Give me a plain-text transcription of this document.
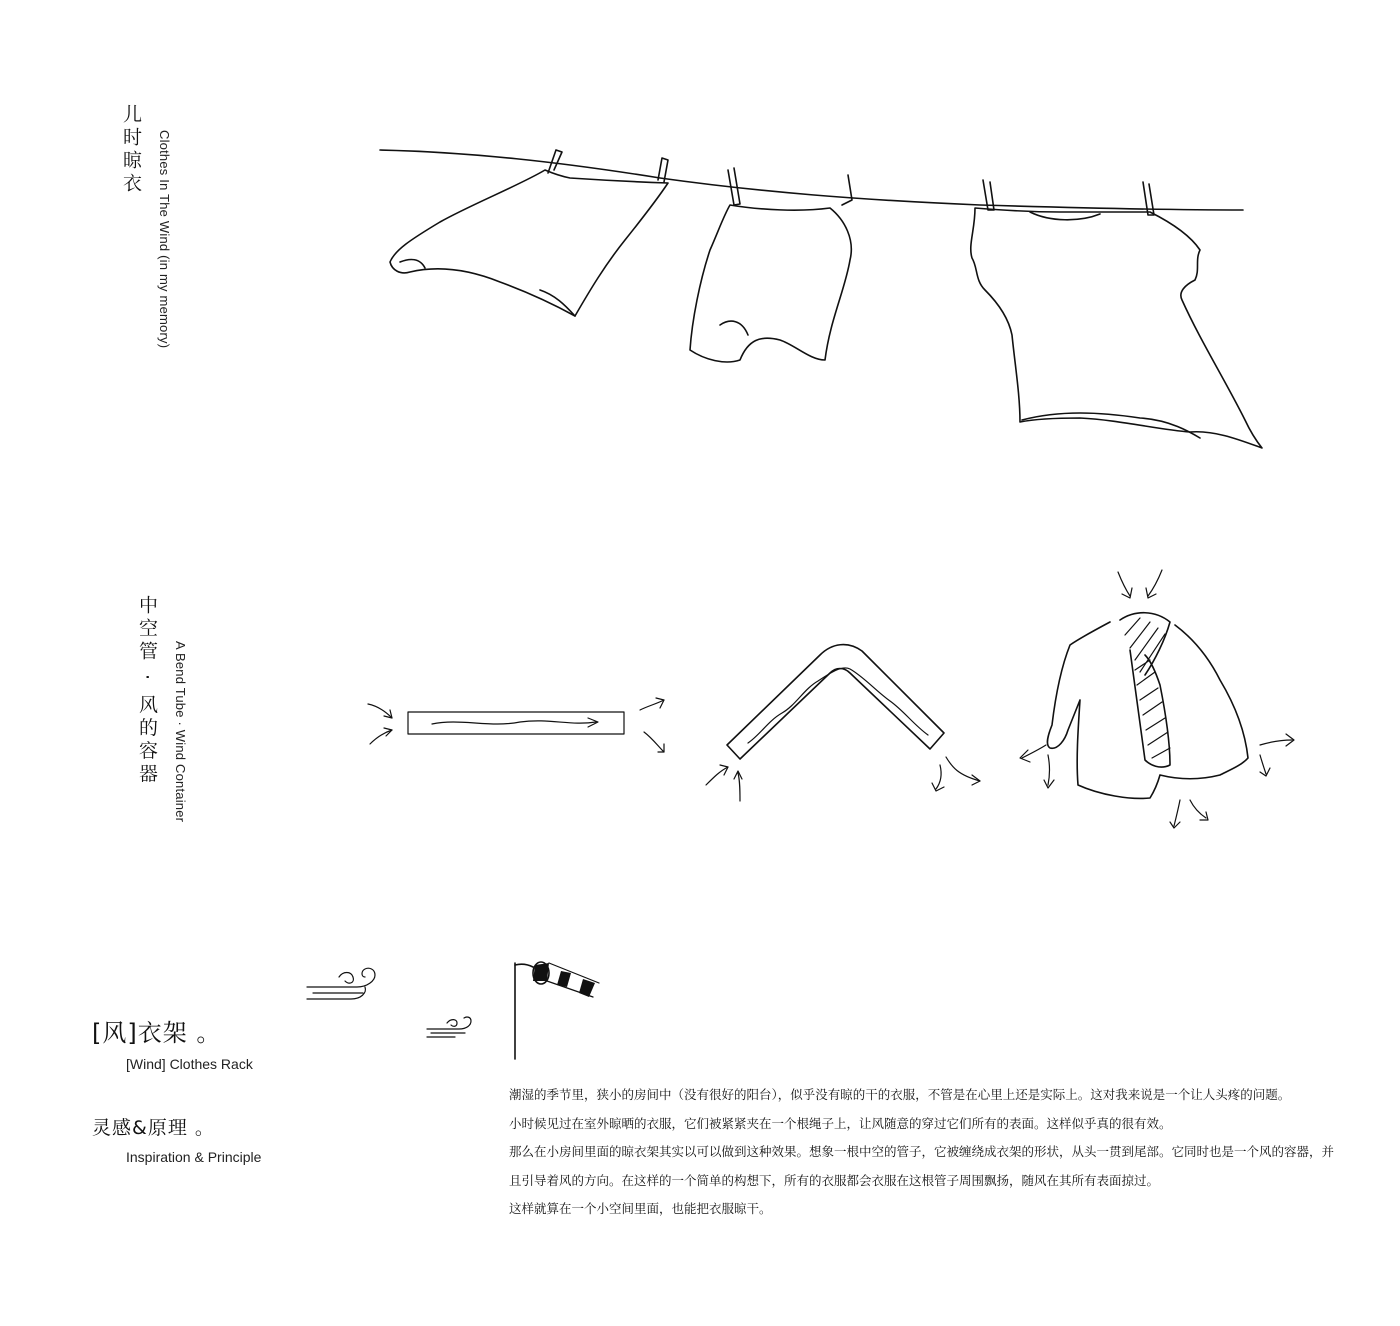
儿时晾衣 Clothes In The Wind (in my memory)
中空管 · 风的容器 A Bend Tube · Wind Container
[风]衣架 。
[Wind] Clothes Rack
灵感&原理 。
Inspiration & Principle

潮湿的季节里，狭小的房间中（没有很好的阳台），似乎没有晾的干的衣服，不管是在心里上还是实际上。这对我来说是一个让人头疼的问题。

小时候见过在室外晾晒的衣服，它们被紧紧夹在一个根绳子上，让风随意的穿过它们所有的表面。这样似乎真的很有效。

那么在小房间里面的晾衣架其实以可以做到这种效果。想象一根中空的管子，它被缠绕成衣架的形状，从头一贯到尾部。它同时也是一个风的容器，并

且引导着风的方向。在这样的一个简单的构想下，所有的衣服都会衣服在这根管子周围飘扬，随风在其所有表面掠过。

这样就算在一个小空间里面，也能把衣服晾干。
